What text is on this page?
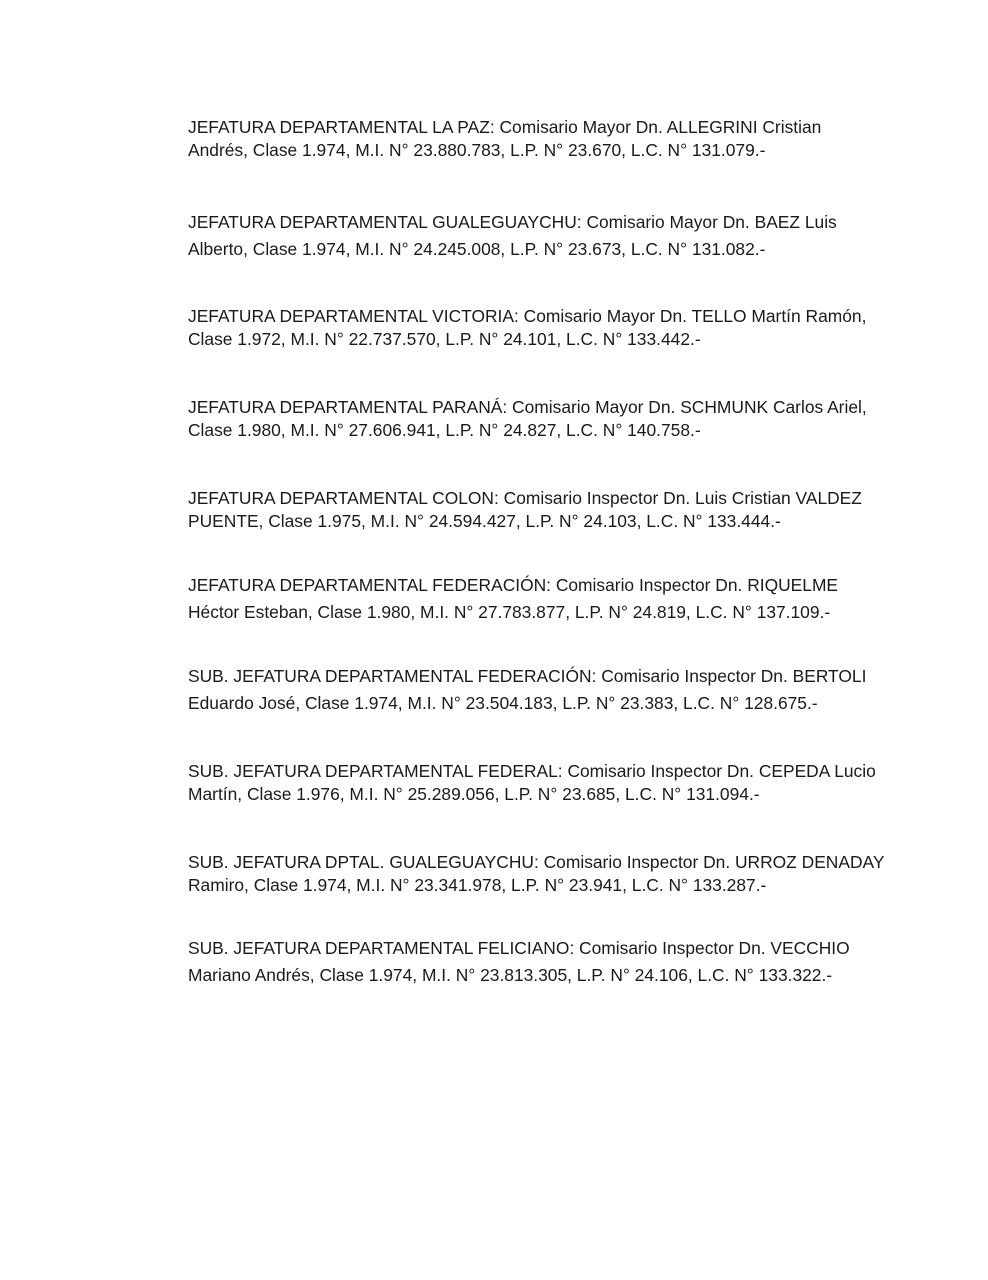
JEFATURA DEPARTAMENTAL LA PAZ: Comisario Mayor Dn. ALLEGRINI Cristian
Andrés, Clase 1.974, M.I. N° 23.880.783, L.P. N° 23.670, L.C. N° 131.079.-
JEFATURA DEPARTAMENTAL GUALEGUAYCHU: Comisario Mayor Dn. BAEZ Luis
Alberto, Clase 1.974, M.I. N° 24.245.008, L.P. N° 23.673, L.C. N° 131.082.-
JEFATURA DEPARTAMENTAL VICTORIA: Comisario Mayor Dn. TELLO Martín Ramón,
Clase 1.972, M.I. N° 22.737.570, L.P. N° 24.101, L.C. N° 133.442.-
JEFATURA DEPARTAMENTAL PARANÁ: Comisario Mayor Dn. SCHMUNK Carlos Ariel,
Clase 1.980, M.I. N° 27.606.941, L.P. N° 24.827, L.C. N° 140.758.-
JEFATURA DEPARTAMENTAL COLON: Comisario Inspector Dn. Luis Cristian VALDEZ
PUENTE, Clase 1.975, M.I. N° 24.594.427, L.P. N° 24.103, L.C. N° 133.444.-
JEFATURA DEPARTAMENTAL FEDERACIÓN: Comisario Inspector Dn. RIQUELME
Héctor Esteban, Clase 1.980, M.I. N° 27.783.877, L.P. N° 24.819, L.C. N° 137.109.-
SUB. JEFATURA DEPARTAMENTAL FEDERACIÓN: Comisario Inspector Dn. BERTOLI
Eduardo José, Clase 1.974, M.I. N° 23.504.183, L.P. N° 23.383, L.C. N° 128.675.-
SUB. JEFATURA DEPARTAMENTAL FEDERAL: Comisario Inspector Dn. CEPEDA Lucio
Martín, Clase 1.976, M.I. N° 25.289.056, L.P. N° 23.685, L.C. N° 131.094.-
SUB. JEFATURA DPTAL. GUALEGUAYCHU: Comisario Inspector Dn. URROZ DENADAY
Ramiro, Clase 1.974, M.I. N° 23.341.978, L.P. N° 23.941, L.C. N° 133.287.-
SUB. JEFATURA DEPARTAMENTAL FELICIANO: Comisario Inspector Dn. VECCHIO
Mariano Andrés, Clase 1.974, M.I. N° 23.813.305, L.P. N° 24.106, L.C. N° 133.322.-
